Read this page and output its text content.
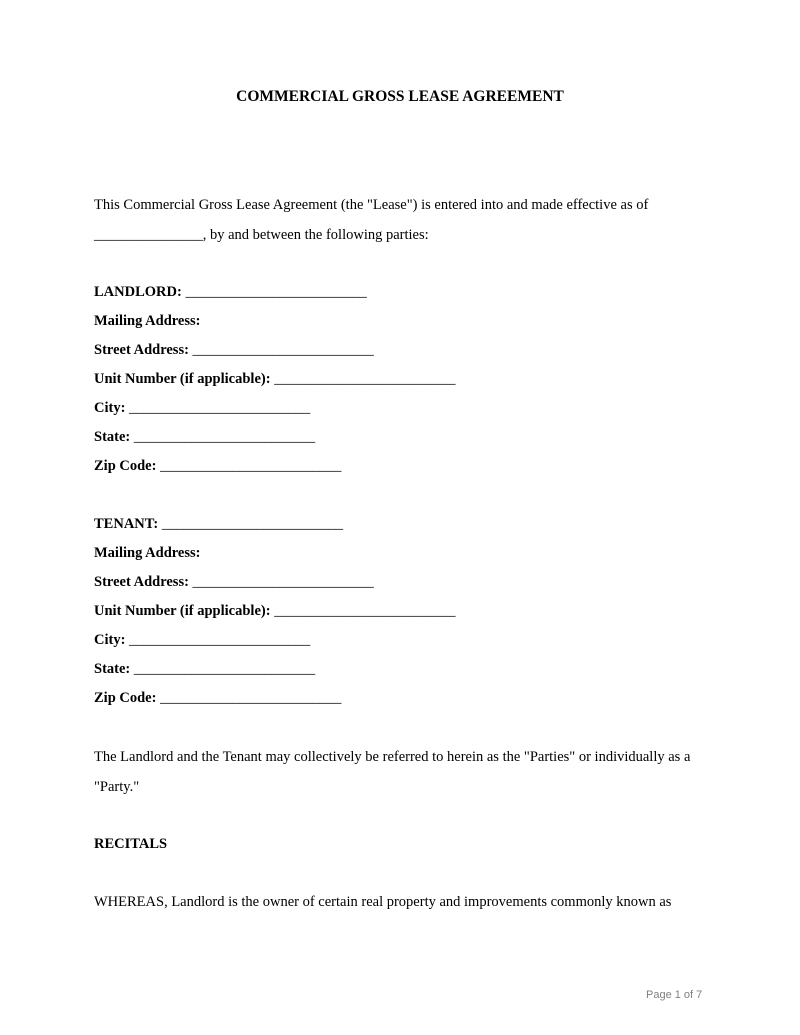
COMMERCIAL GROSS LEASE AGREEMENT
This Commercial Gross Lease Agreement (the "Lease") is entered into and made effective as of
_______________, by and between the following parties:
LANDLORD: _________________________
Mailing Address:
Street Address: _________________________
Unit Number (if applicable): _________________________
City: _________________________
State: _________________________
Zip Code: _________________________
TENANT: _________________________
Mailing Address:
Street Address: _________________________
Unit Number (if applicable): _________________________
City: _________________________
State: _________________________
Zip Code: _________________________
The Landlord and the Tenant may collectively be referred to herein as the "Parties" or individually as a
"Party."
RECITALS
WHEREAS, Landlord is the owner of certain real property and improvements commonly known as
Page 1 of 7
